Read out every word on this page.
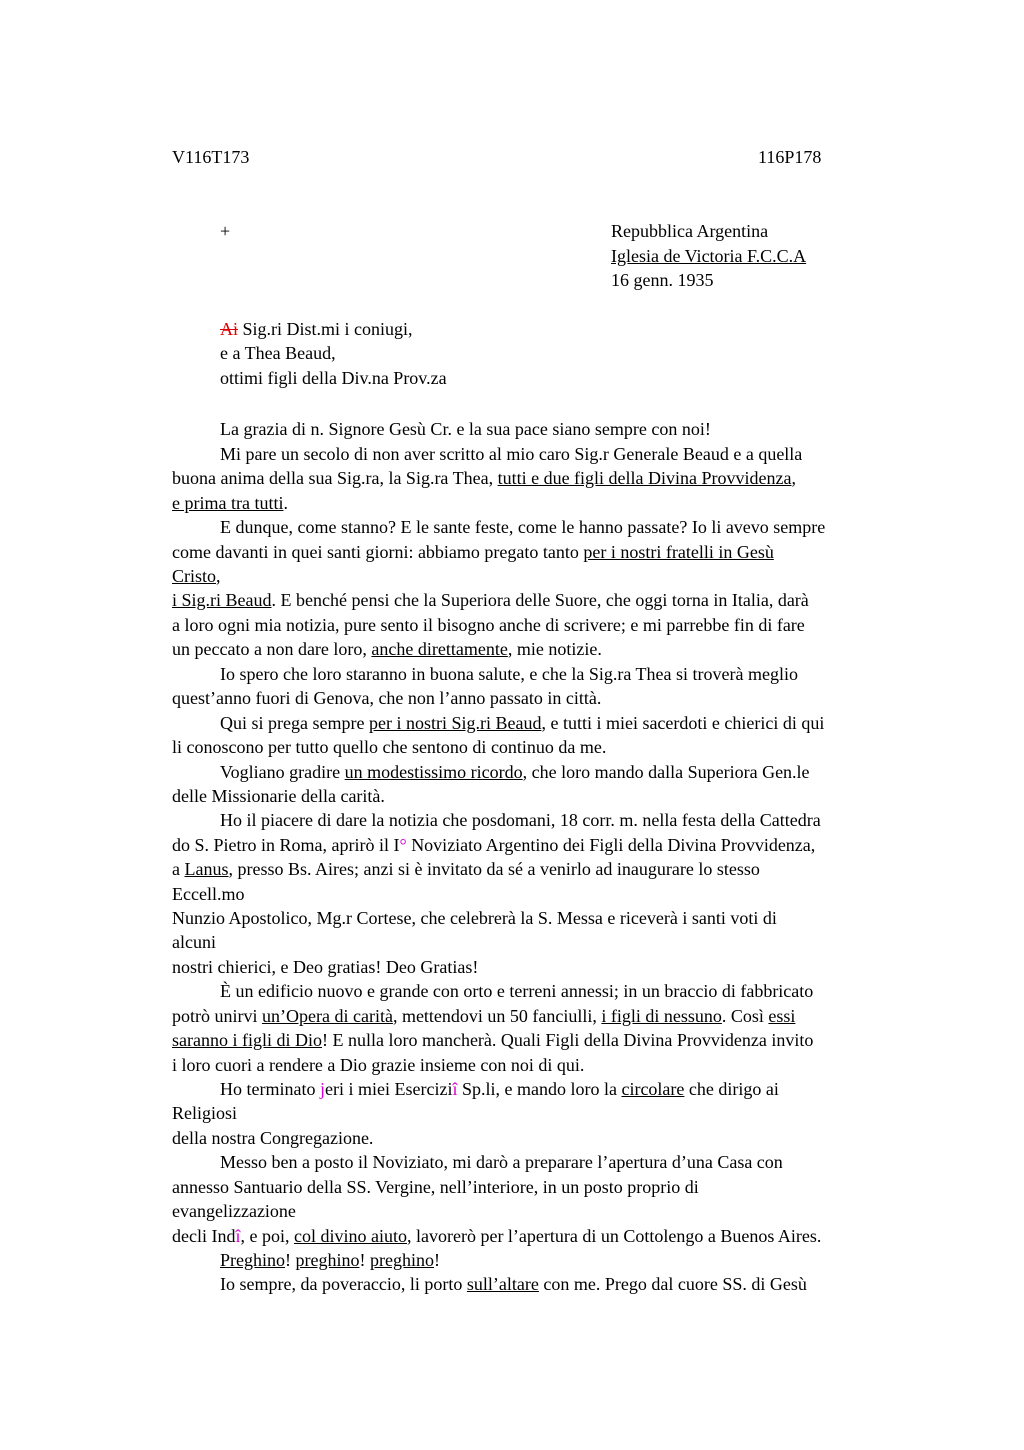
V116T173	116P178
+	Repubblica Argentina
Iglesia de Victoria F.C.C.A
16 genn. 1935
Ai Sig.ri Dist.mi i coniugi,
e a Thea Beaud,
ottimi figli della Div.na Prov.za
La grazia di n. Signore Gesù Cr. e la sua pace siano sempre con noi!
Mi pare un secolo di non aver scritto al mio caro Sig.r Generale Beaud e a quella
buona anima della sua Sig.ra, la Sig.ra Thea, tutti e due figli della Divina Provvidenza,
e prima tra tutti.
E dunque, come stanno? E le sante feste, come le hanno passate? Io li avevo sempre
come davanti in quei santi giorni: abbiamo pregato tanto per i nostri fratelli in Gesù
Cristo,
i Sig.ri Beaud. E benché pensi che la Superiora delle Suore, che oggi torna in Italia, darà
a loro ogni mia notizia, pure sento il bisogno anche di scrivere; e mi parrebbe fin di fare
un peccato a non dare loro, anche direttamente, mie notizie.
Io spero che loro staranno in buona salute, e che la Sig.ra Thea si troverà meglio
quest’anno fuori di Genova, che non l’anno passato in città.
Qui si prega sempre per i nostri Sig.ri Beaud, e tutti i miei sacerdoti e chierici di qui
li conoscono per tutto quello che sentono di continuo da me.
Vogliano gradire un modestissimo ricordo, che loro mando dalla Superiora Gen.le
delle Missionarie della carità.
Ho il piacere di dare la notizia che posdomani, 18 corr. m. nella festa della Cattedra
do S. Pietro in Roma, aprirò il I° Noviziato Argentino dei Figli della Divina Provvidenza,
a Lanus, presso Bs. Aires; anzi si è invitato da sé a venirlo ad inaugurare lo stesso
Eccell.mo
Nunzio Apostolico, Mg.r Cortese, che celebrerà la S. Messa e riceverà i santi voti di
alcuni
nostri chierici, e Deo gratias! Deo Gratias!
È un edificio nuovo e grande con orto e terreni annessi; in un braccio di fabbricato
potrò unirvi un’Opera di carità, mettendovi un 50 fanciulli, i figli di nessuno. Così essi
saranno i figli di Dio! E nulla loro mancherà. Quali Figli della Divina Provvidenza invito
i loro cuori a rendere a Dio grazie insieme con noi di qui.
Ho terminato jeri i miei Eserciziî Sp.li, e mando loro la circolare che dirigo ai
Religiosi
della nostra Congregazione.
Messo ben a posto il Noviziato, mi darò a preparare l’apertura d’una Casa con
annesso Santuario della SS. Vergine, nell’interiore, in un posto proprio di
evangelizzazione
decli Indî, e poi, col divino aiuto, lavorerò per l’apertura di un Cottolengo a Buenos Aires.
Preghino! preghino! preghino!
Io sempre, da poveraccio, li porto sull’altare con me. Prego dal cuore SS. di Gesù
